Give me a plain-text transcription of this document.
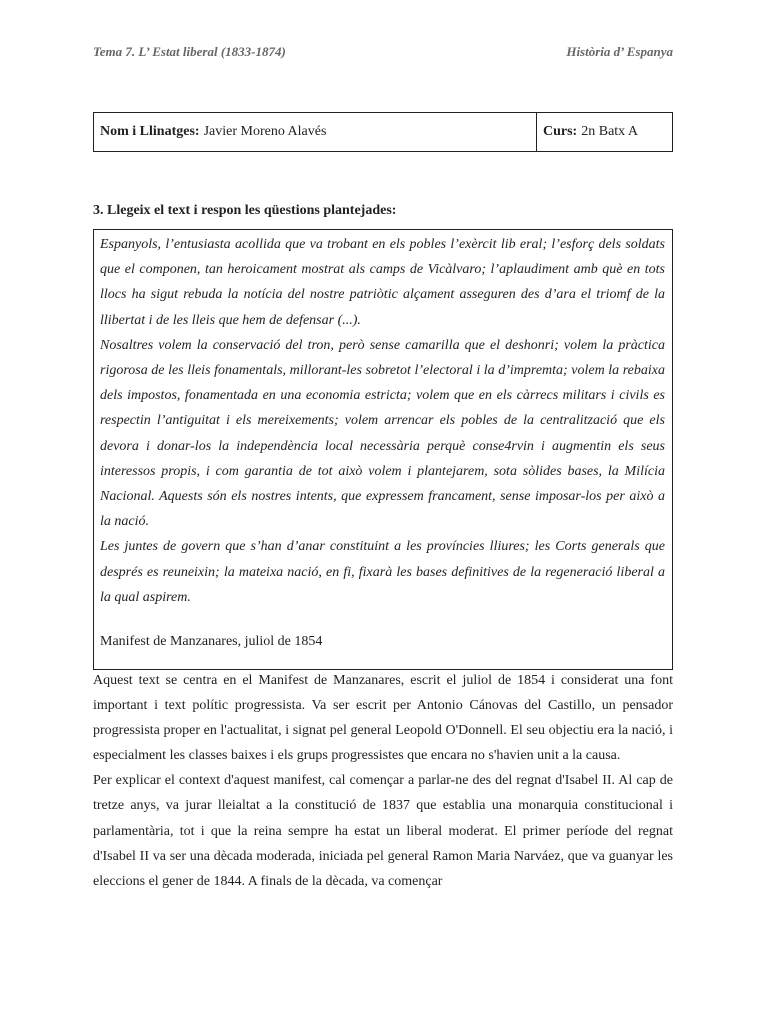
Tema 7. L’ Estat liberal (1833-1874)	Història d’ Espanya
Nom i Llinatges: Javier Moreno Alavés	Curs: 2n Batx A
3. Llegeix el text i respon les qüestions plantejades:

Espanyols, l’entusiasta acollida que va trobant en els pobles l’exèrcit lib eral; l’esforç dels soldats que el componen, tan heroicament mostrat als camps de Vicàlvaro; l’aplaudiment amb què en tots llocs ha sigut rebuda la notícia del nostre patriòtic alçament asseguren des d’ara el triomf de la llibertat i de les lleis que hem de defensar (...).

Nosaltres volem la conservació del tron, però sense camarilla que el deshonri; volem la pràctica rigorosa de les lleis fonamentals, millorant-les sobretot l’electoral i la d’impremta; volem la rebaixa dels impostos, fonamentada en una economia estricta; volem que en els càrrecs militars i civils es respectin l’antiguitat i els mereixements; volem arrencar els pobles de la centralització que els devora i donar-los la independència local necessària perquè conse4rvin i augmentin els seus interessos propis, i com garantia de tot això volem i plantejarem, sota sòlides bases, la Milícia Nacional. Aquests són els nostres intents, que expressem francament, sense imposar-los per això a la nació.

Les juntes de govern que s’han d’anar constituint a les províncies lliures; les Corts generals que després es reuneixin; la mateixa nació, en fi, fixarà les bases definitives de la regeneració liberal a la qual aspirem.

Manifest de Manzanares, juliol de 1854

Aquest text se centra en el Manifest de Manzanares, escrit el juliol de 1854 i considerat una font important i text polític progressista. Va ser escrit per Antonio Cánovas del Castillo, un pensador progressista proper en l'actualitat, i signat pel general Leopold O'Donnell. El seu objectiu era la nació, i especialment les classes baixes i els grups progressistes que encara no s'havien unit a la causa.

Per explicar el context d'aquest manifest, cal començar a parlar-ne des del regnat d'Isabel II. Al cap de tretze anys, va jurar lleialtat a la constitució de 1837 que establia una monarquia constitucional i parlamentària, tot i que la reina sempre ha estat un liberal moderat. El primer període del regnat d'Isabel II va ser una dècada moderada, iniciada pel general Ramon Maria Narváez, que va guanyar les eleccions el gener de 1844. A finals de la dècada, va començar
